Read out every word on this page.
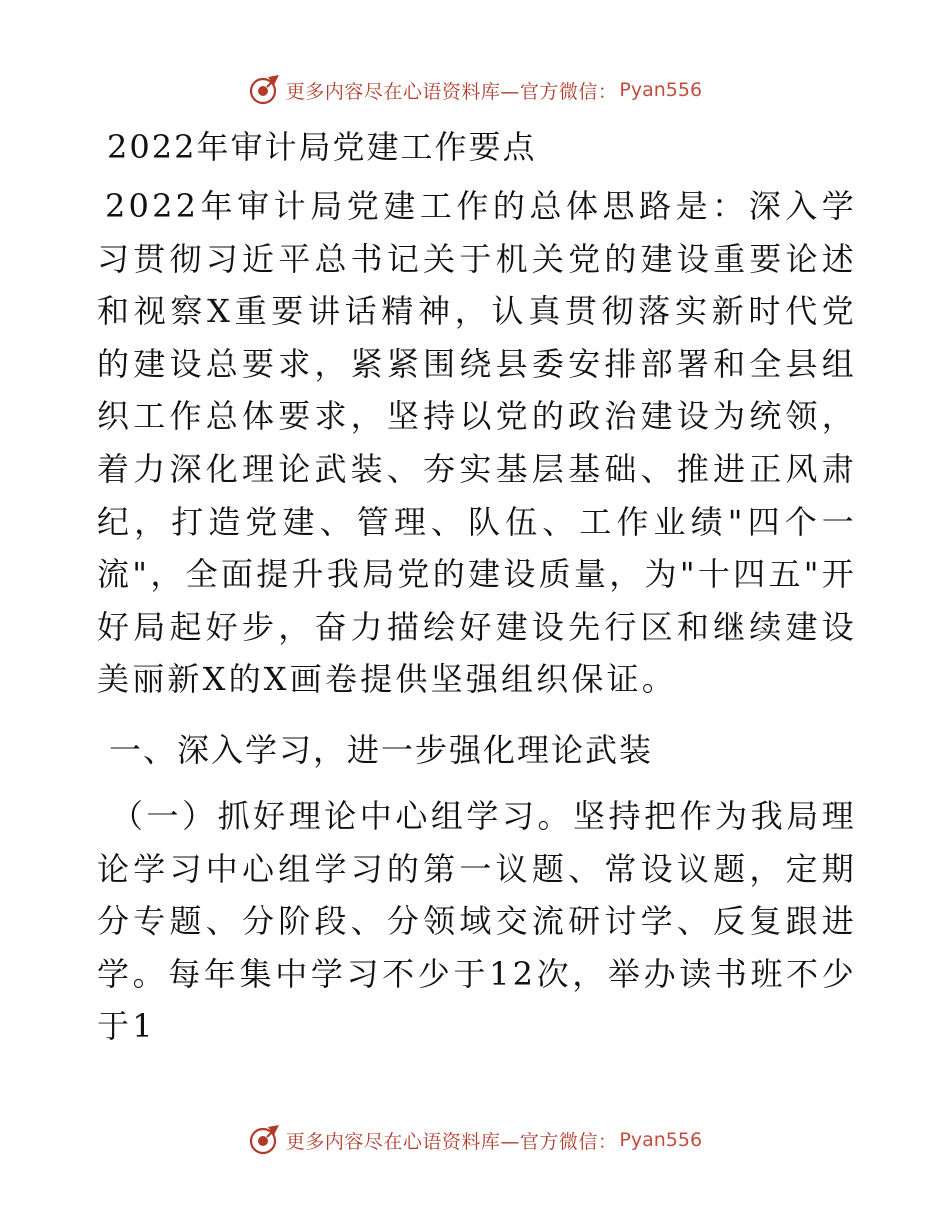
更多内容尽在心语资料库—官方微信： Pyan556
2022年审计局党建工作要点

2022年审计局党建工作的总体思路是：深入学习贯彻习近平总书记关于机关党的建设重要论述和视察X重要讲话精神，认真贯彻落实新时代党的建设总要求，紧紧围绕县委安排部署和全县组织工作总体要求，坚持以党的政治建设为统领，着力深化理论武装、夯实基层基础、推进正风肃纪，打造党建、管理、队伍、工作业绩"四个一流"，全面提升我局党的建设质量，为"十四五"开好局起好步，奋力描绘好建设先行区和继续建设美丽新X的X画卷提供坚强组织保证。

一、深入学习，进一步强化理论武装

（一）抓好理论中心组学习。坚持把作为我局理论学习中心组学习的第一议题、常设议题，定期分专题、分阶段、分领域交流研讨学、反复跟进学。每年集中学习不少于12次，举办读书班不少于1

更多内容尽在心语资料库—官方微信： Pyan556
